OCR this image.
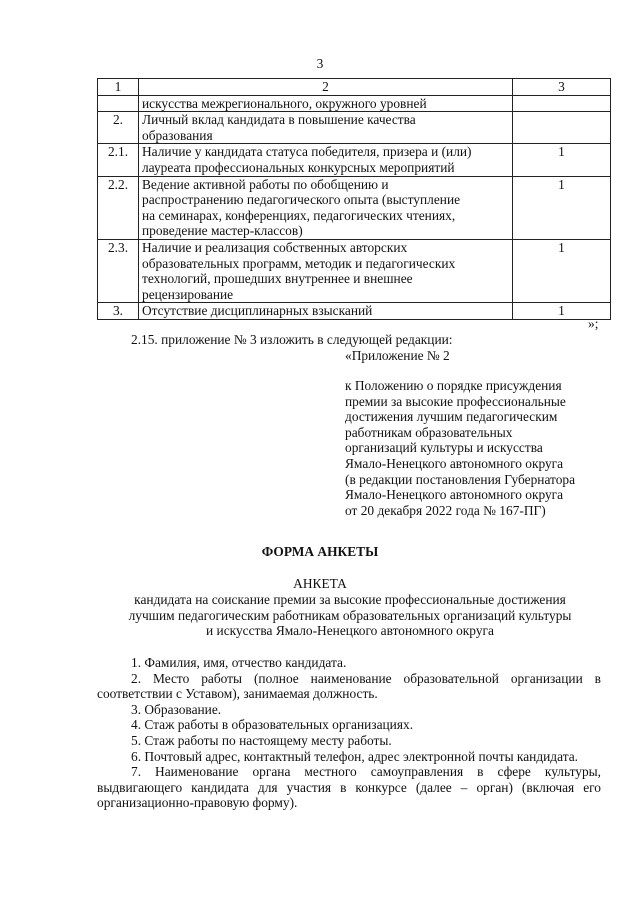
3
1	2	3

	искусства межрегионального, окружного уровней	

2.	Личный вклад кандидата в повышение качества
образования	

2.1.	Наличие у кандидата статуса победителя, призера и (или)
лауреата профессиональных конкурсных мероприятий	1
2.2.	Ведение активной работы по обобщению и
распространению педагогического опыта (выступление
на семинарах, конференциях, педагогических чтениях,
проведение мастер-классов)	1
2.3.	Наличие и реализация собственных авторских
образовательных программ, методик и педагогических
технологий, прошедших внутреннее и внешнее
рецензирование	1
3.	Отсутствие дисциплинарных взысканий	1
»;
2.15. приложение № 3 изложить в следующей редакции:
«Приложение № 2
к Положению о порядке присуждения
премии за высокие профессиональные
достижения лучшим педагогическим
работникам образовательных
организаций культуры и искусства
Ямало-Ненецкого автономного округа
(в редакции постановления Губернатора
Ямало-Ненецкого автономного округа
от 20 декабря 2022 года № 167-ПГ)
ФОРМА АНКЕТЫ
АНКЕТА
кандидата на соискание премии за высокие профессиональные достижения
лучшим педагогическим работникам образовательных организаций культуры
и искусства Ямало-Ненецкого автономного округа

1. Фамилия, имя, отчество кандидата.

2. Место работы (полное наименование образовательной организации в соответствии с Уставом), занимаемая должность.

3. Образование.

4. Стаж работы в образовательных организациях.

5. Стаж работы по настоящему месту работы.

6. Почтовый адрес, контактный телефон, адрес электронной почты кандидата.

7. Наименование органа местного самоуправления в сфере культуры, выдвигающего кандидата для участия в конкурсе (далее – орган) (включая его организационно-правовую форму).
